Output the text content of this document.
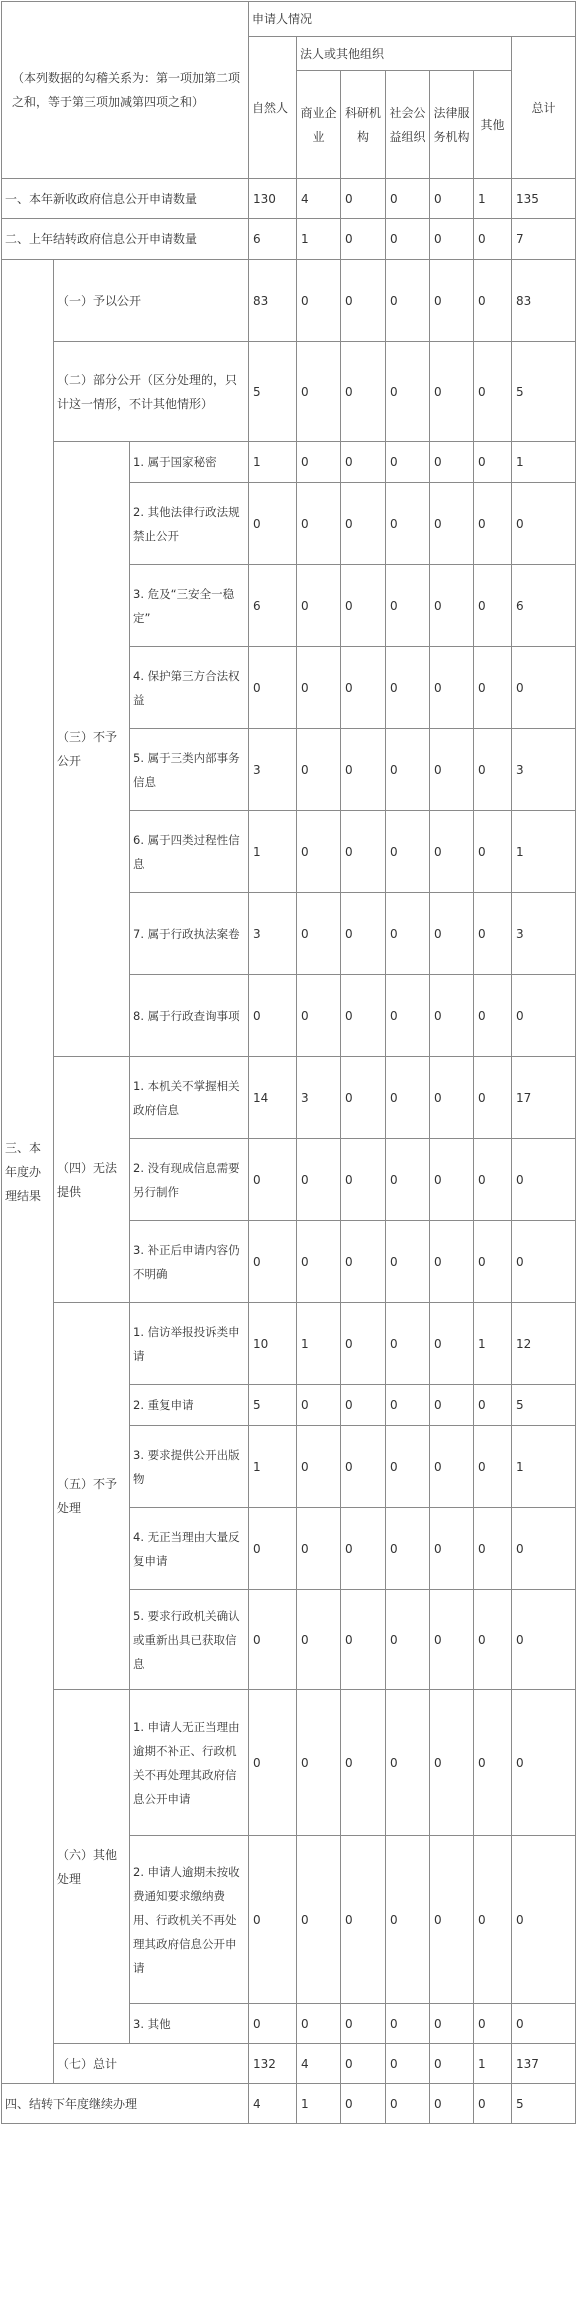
（本列数据的勾稽关系为：第一项加第二项之和，等于第三项加减第四项之和）			申请人情况						
			自然人	法人或其他组织					总计
				商业企业	科研机构	社会公益组织	法律服务机构	其他	
一、本年新收政府信息公开申请数量			130	4	0	0	0	1	135
二、上年结转政府信息公开申请数量			6	1	0	0	0	0	7
三、本年度办理结果	（一）予以公开		83	0	0	0	0	0	83
	（二）部分公开（区分处理的，只计这一情形，不计其他情形）		5	0	0	0	0	0	5
	（三）不予公开	1. 属于国家秘密	1	0	0	0	0	0	1
		2. 其他法律行政法规禁止公开	0	0	0	0	0	0	0
		3. 危及“三安全一稳定”	6	0	0	0	0	0	6
		4. 保护第三方合法权益	0	0	0	0	0	0	0
		5. 属于三类内部事务信息	3	0	0	0	0	0	3
		6. 属于四类过程性信息	1	0	0	0	0	0	1
		7. 属于行政执法案卷	3	0	0	0	0	0	3
		8. 属于行政查询事项	0	0	0	0	0	0	0
	（四）无法提供	1. 本机关不掌握相关政府信息	14	3	0	0	0	0	17
		2. 没有现成信息需要另行制作	0	0	0	0	0	0	0
		3. 补正后申请内容仍不明确	0	0	0	0	0	0	0
	（五）不予处理	1. 信访举报投诉类申请	10	1	0	0	0	1	12
		2. 重复申请	5	0	0	0	0	0	5
		3. 要求提供公开出版物	1	0	0	0	0	0	1
		4. 无正当理由大量反复申请	0	0	0	0	0	0	0
		5. 要求行政机关确认或重新出具已获取信息	0	0	0	0	0	0	0
	（六）其他处理	1. 申请人无正当理由逾期不补正、行政机关不再处理其政府信息公开申请	0	0	0	0	0	0	0
		2. 申请人逾期未按收费通知要求缴纳费用、行政机关不再处理其政府信息公开申请	0	0	0	0	0	0	0
		3. 其他	0	0	0	0	0	0	0
	（七）总计		132	4	0	0	0	1	137
四、结转下年度继续办理			4	1	0	0	0	0	5
